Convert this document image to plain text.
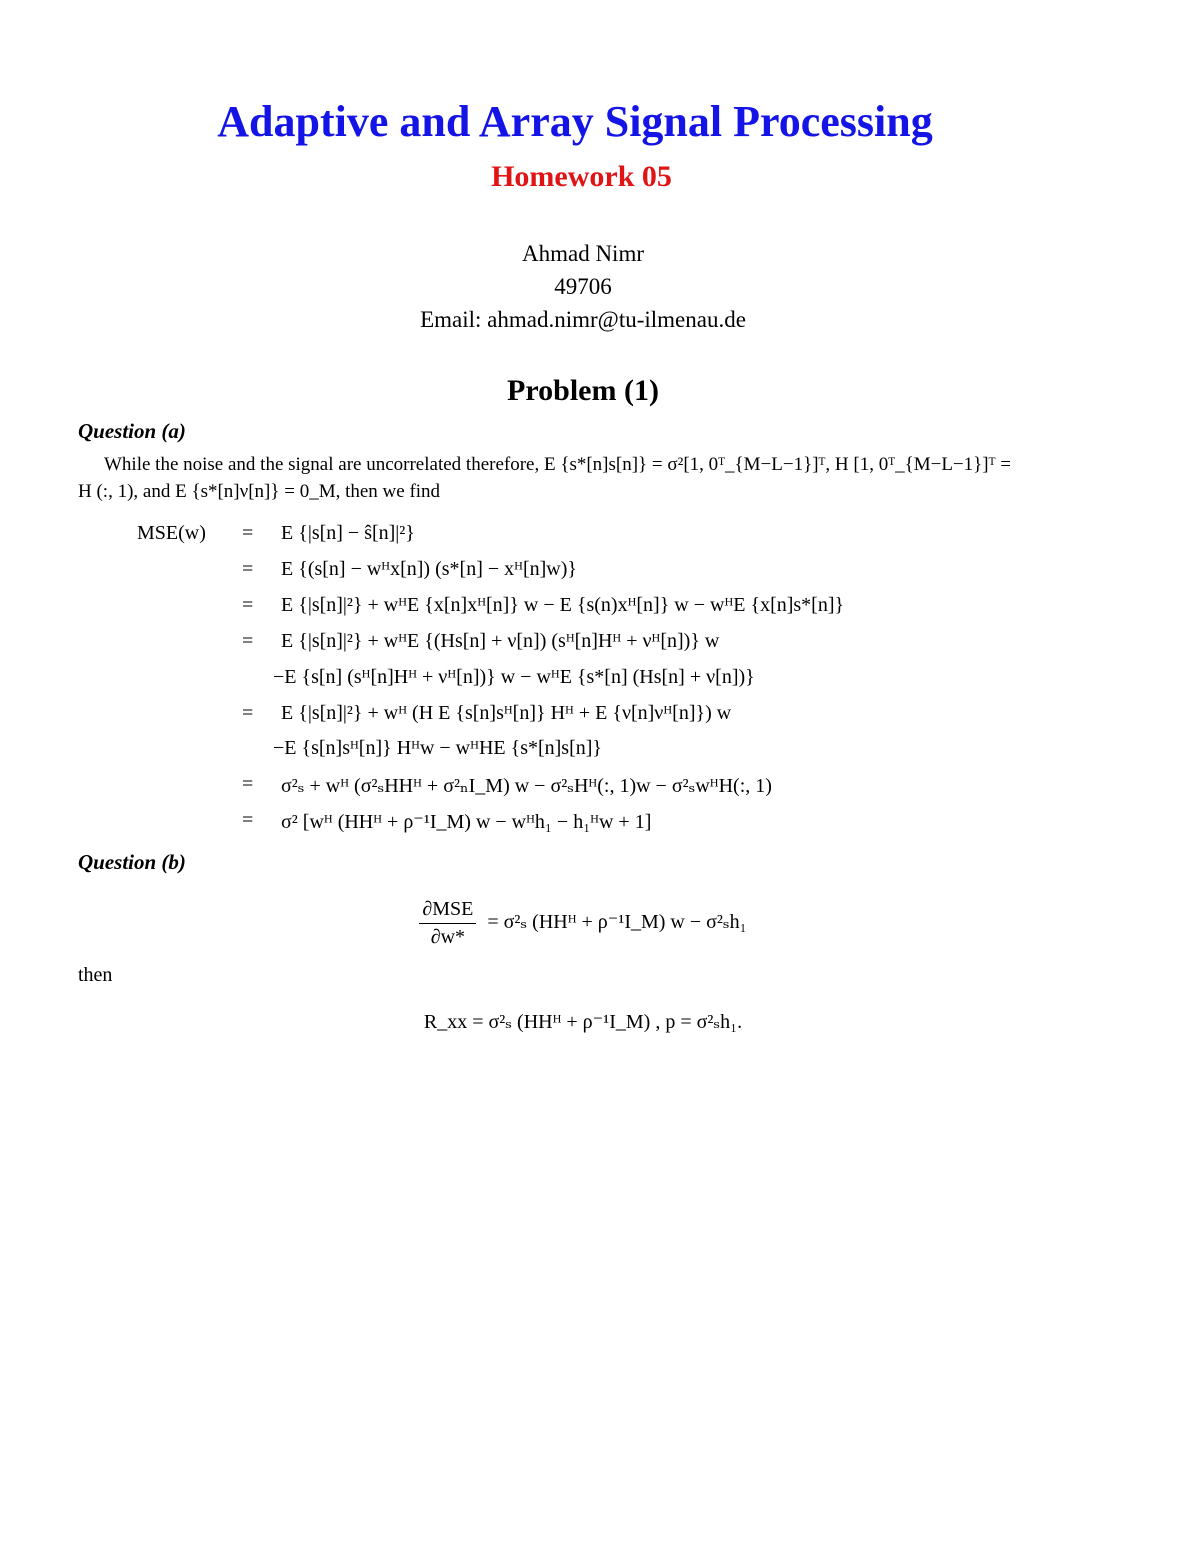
Adaptive and Array Signal Processing
Homework 05
Ahmad Nimr
49706
Email: ahmad.nimr@tu-ilmenau.de
Problem (1)
Question (a)
While the noise and the signal are uncorrelated therefore, E {s*[n]s[n]} = σ²[1, 0ᵀ_{M−L−1}]ᵀ, H [1, 0ᵀ_{M−L−1}]ᵀ =
H (:, 1), and E {s*[n]ν[n]} = 0_M, then we find
MSE(w) = E {|s[n] − ŝ[n]|²}
= E {(s[n] − wᴴx[n]) (s*[n] − xᴴ[n]w)}
= E {|s[n]|²} + wᴴE {x[n]xᴴ[n]} w − E {s(n)xᴴ[n]} w − wᴴE {x[n]s*[n]}
= E {|s[n]|²} + wᴴE {(Hs[n] + ν[n]) (sᴴ[n]Hᴴ + νᴴ[n])} w
−E {s[n] (sᴴ[n]Hᴴ + νᴴ[n])} w − wᴴE {s*[n] (Hs[n] + ν[n])}
= E {|s[n]|²} + wᴴ (H E {s[n]sᴴ[n]} Hᴴ + E {ν[n]νᴴ[n]}) w
−E {s[n]sᴴ[n]} Hᴴw − wᴴHE {s*[n]s[n]}
= σ²ₛ + wᴴ (σ²ₛHHᴴ + σ²ₙI_M) w − σ²ₛHᴴ(:, 1)w − σ²ₛwᴴH(:, 1)
= σ² [wᴴ (HHᴴ + ρ⁻¹I_M) w − wᴴh₁ − h₁ᴴw + 1]
Question (b)
$\frac{\text{∂MSE}}{\partial w*} = \sigma^2_s$ (HHᴴ + ρ⁻¹I_M) w − σ²ₛh₁
then
R_xx = σ²ₛ (HHᴴ + ρ⁻¹I_M) , p = σ²ₛh₁.
